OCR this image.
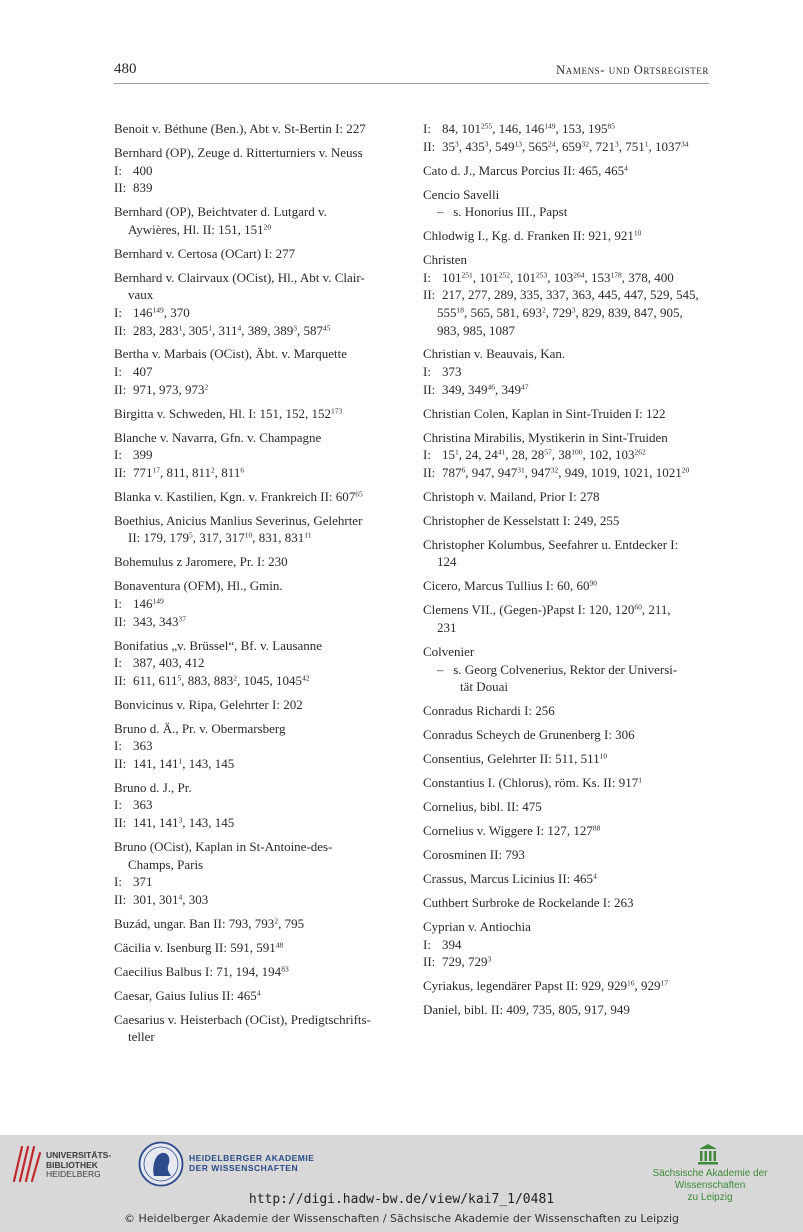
480	Namens- und Ortsregister
Benoit v. Béthune (Ben.), Abt v. St-Bertin I: 227
Bernhard (OP), Zeuge d. Ritterturniers v. Neuss
I: 400
II: 839
Bernhard (OP), Beichtvater d. Lutgard v.
Aywières, Hl. II: 151, $151^{20}$
Bernhard v. Certosa (OCart) I: 277
Bernhard v. Clairvaux (OCist), Hl., Abt v. Clair-
vaux
I: $146^{149}$, 370
II: 283, $283^1$, $305^1$, $311^4$, 389, $389^3$, $587^{45}$
Bertha v. Marbais (OCist), Äbt. v. Marquette
I: 407
II: 971, 973, $973^2$
Birgitta v. Schweden, Hl. I: 151, 152, $152^{173}$
Blanche v. Navarra, Gfn. v. Champagne
I: 399
II: $771^{17}$, 811, $811^2$, $811^6$
Blanka v. Kastilien, Kgn. v. Frankreich II: $607^{65}$
Boethius, Anicius Manlius Severinus, Gelehrter
II: 179, $179^5$, 317, $317^{10}$, 831, $831^{11}$
Bohemulus z Jaromere, Pr. I: 230
Bonaventura (OFM), Hl., Gmin.
I: $146^{149}$
II: 343, $343^{37}$
Bonifatius „v. Brüssel“, Bf. v. Lausanne
I: 387, 403, 412
II: 611, $611^5$, 883, $883^2$, 1045, 1045$^{42}$
Bonvicinus v. Ripa, Gelehrter I: 202
Bruno d. Ä., Pr. v. Obermarsberg
I: 363
II: 141, $141^1$, 143, 145
Bruno d. J., Pr.
I: 363
II: 141, $141^3$, 143, 145
Bruno (OCist), Kaplan in St-Antoine-des-
Champs, Paris
I: 371
II: 301, $301^4$, 303
Buzád, ungar. Ban II: 793, $793^2$, 795
Cäcilia v. Isenburg II: 591, $591^{48}$
Caecilius Balbus I: 71, 194, $194^{83}$
Caesar, Gaius Iulius II: $465^4$
Caesarius v. Heisterbach (OCist), Predigtschrifts-
teller
I: 84, $101^{255}$, 146, $146^{149}$, 153, $195^{85}$
II: $35^3$, $435^3$, $549^{13}$, $565^{24}$, $659^{32}$, $721^3$, $751^1$, 1037$^{34}$
Cato d. J., Marcus Porcius II: 465, $465^4$
Cencio Savelli
–   s. Honorius III., Papst
Chlodwig I., Kg. d. Franken II: 921, $921^{10}$
Christen
I: $101^{251}$, $101^{252}$, $101^{253}$, $103^{264}$, $153^{178}$, 378, 400
II: 217, 277, 289, 335, 337, 363, 445, 447, 529, 545,
$555^{18}$, 565, 581, $693^2$, $729^3$, 829, 839, 847, 905,
983, 985, 1087
Christian v. Beauvais, Kan.
I: 373
II: 349, $349^{46}$, $349^{47}$
Christian Colen, Kaplan in Sint-Truiden I: 122
Christina Mirabilis, Mystikerin in Sint-Truiden
I: $15^1$, 24, $24^{41}$, 28, $28^{57}$, $38^{100}$, 102, $103^{262}$
II: $787^6$, 947, $947^{31}$, $947^{32}$, 949, 1019, 1021, 1021$^{20}$
Christoph v. Mailand, Prior I: 278
Christopher de Kesselstatt I: 249, 255
Christopher Kolumbus, Seefahrer u. Entdecker I:
124
Cicero, Marcus Tullius I: 60, $60^{90}$
Clemens VII., (Gegen-)Papst I: 120, $120^{60}$, 211,
231
Colvenier
–   s. Georg Colvenerius, Rektor der Universi-
tät Douai
Conradus Richardi I: 256
Conradus Scheych de Grunenberg I: 306
Consentius, Gelehrter II: 511, $511^{10}$
Constantius I. (Chlorus), röm. Ks. II: $917^1$
Cornelius, bibl. II: 475
Cornelius v. Wiggere I: 127, $127^{88}$
Corosminen II: 793
Crassus, Marcus Licinius II: $465^4$
Cuthbert Surbroke de Rockelande I: 263
Cyprian v. Antiochia
I: 394
II: 729, $729^3$
Cyriakus, legendärer Papst II: 929, $929^{16}$, $929^{17}$
Daniel, bibl. II: 409, 735, 805, 917, 949
UNIVERSITÄTS-
BIBLIOTHEK
HEIDELBERG
HEIDELBERGER AKADEMIE
DER WISSENSCHAFTEN	Sächsische Akademie der Wissenschaften
zu Leipzig
http://digi.hadw-bw.de/view/kai7_1/0481
© Heidelberger Akademie der Wissenschaften / Sächsische Akademie der Wissenschaften zu Leipzig
